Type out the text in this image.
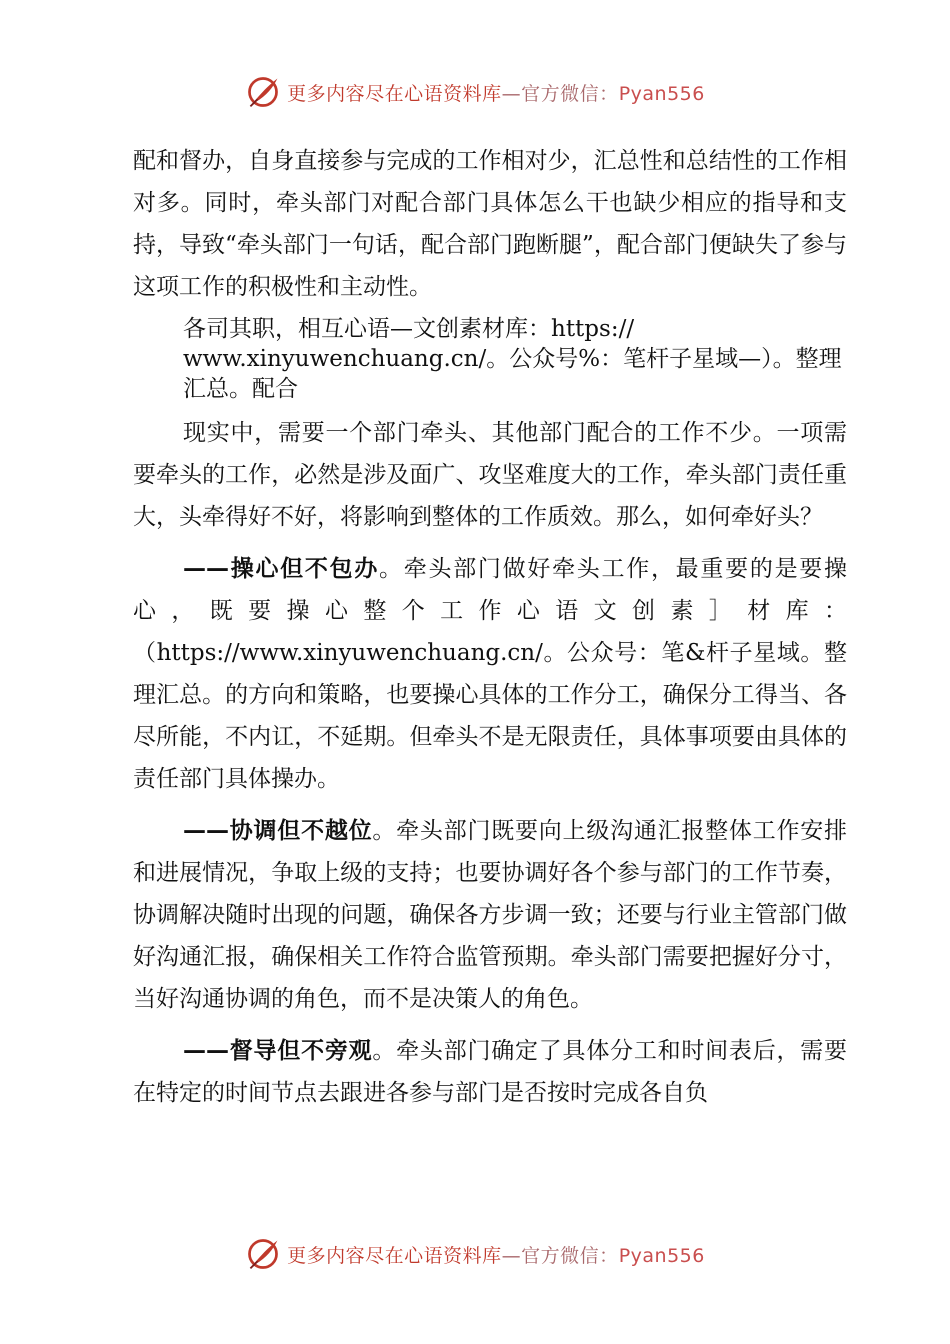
更多内容尽在心语资料库—官方微信：Pyan556

配和督办，自身直接参与完成的工作相对少，汇总性和总结性的工作相对多。同时，牵头部门对配合部门具体怎么干也缺少相应的指导和支持，导致“牵头部门一句话，配合部门跑断腿”，配合部门便缺失了参与这项工作的积极性和主动性。

各司其职，相互心语—文创素材库：https://
www.xinyuwenchuang.cn/。公众号%：笔杆子星域—）。整理
汇总。配合

现实中，需要一个部门牵头、其他部门配合的工作不少。一项需要牵头的工作，必然是涉及面广、攻坚难度大的工作，牵头部门责任重大，头牵得好不好，将影响到整体的工作质效。那么，如何牵好头？

——操心但不包办。牵头部门做好牵头工作，最重要的是要操心，既要操心整个工作心语文创素］材库：（https://www.xinyuwenchuang.cn/。公众号：笔&杆子星域。整理汇总。的方向和策略，也要操心具体的工作分工，确保分工得当、各尽所能，不内讧，不延期。但牵头不是无限责任，具体事项要由具体的责任部门具体操办。

——协调但不越位。牵头部门既要向上级沟通汇报整体工作安排和进展情况，争取上级的支持；也要协调好各个参与部门的工作节奏，协调解决随时出现的问题，确保各方步调一致；还要与行业主管部门做好沟通汇报，确保相关工作符合监管预期。牵头部门需要把握好分寸，当好沟通协调的角色，而不是决策人的角色。

——督导但不旁观。牵头部门确定了具体分工和时间表后，需要在特定的时间节点去跟进各参与部门是否按时完成各自负

更多内容尽在心语资料库—官方微信：Pyan556
